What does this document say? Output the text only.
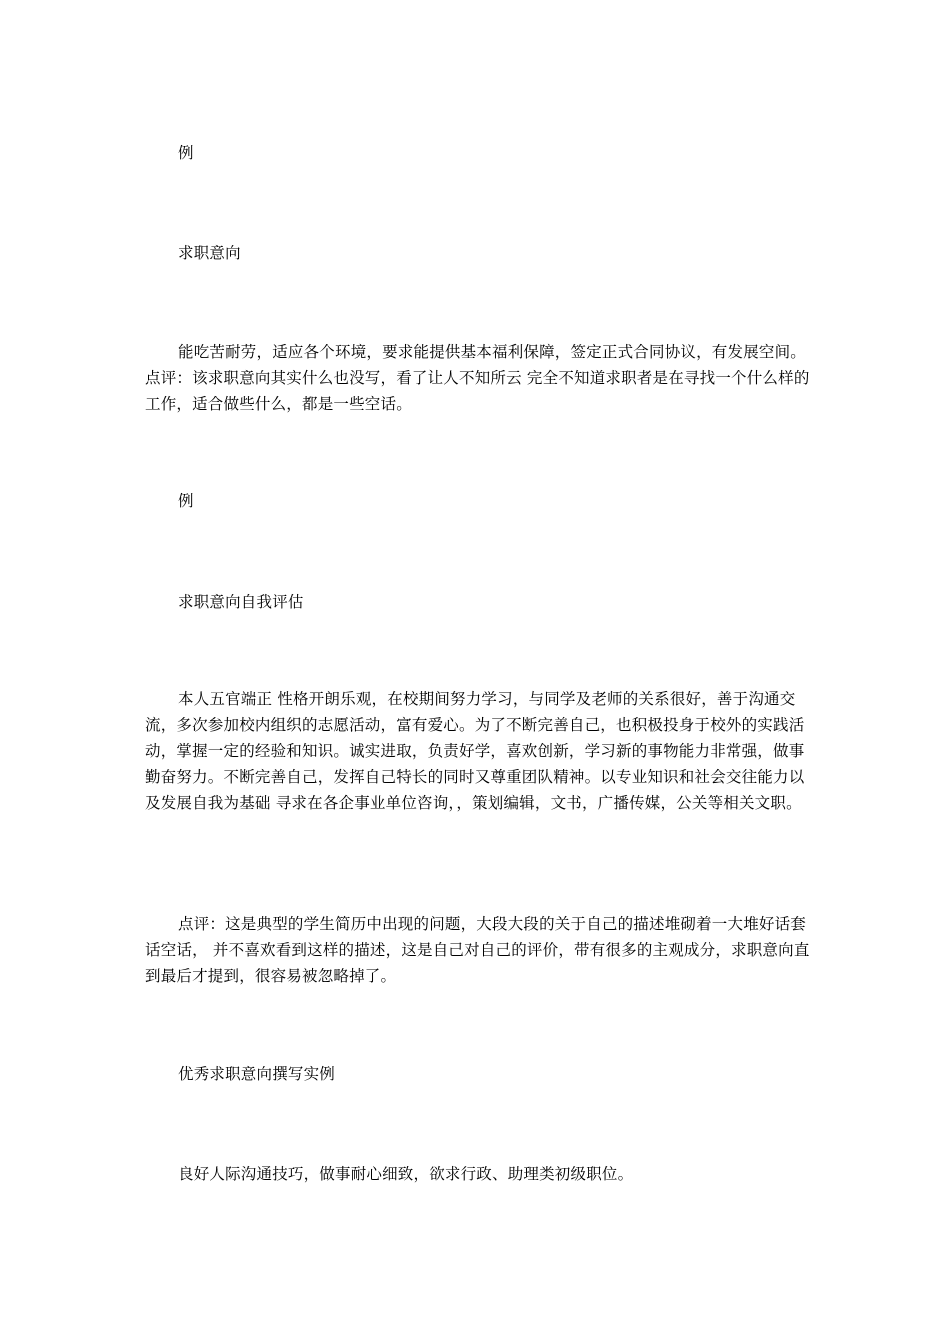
例

求职意向

能吃苦耐劳，适应各个环境，要求能提供基本福利保障，签定正式合同协议，有发展空间。 点评：该求职意向其实什么也没写，看了让人不知所云 完全不知道求职者是在寻找一个什么样的工作，适合做些什么，都是一些空话。

例

求职意向自我评估

本人五官端正 性格开朗乐观，在校期间努力学习，与同学及老师的关系很好，善于沟通交流，多次参加校内组织的志愿活动，富有爱心。为了不断完善自己，也积极投身于校外的实践活动，掌握一定的经验和知识。诚实进取，负责好学，喜欢创新，学习新的事物能力非常强，做事勤奋努力。不断完善自己，发挥自己特长的同时又尊重团队精神。以专业知识和社会交往能力以及发展自我为基础 寻求在各企事业单位咨询，，策划编辑，文书，广播传媒，公关等相关文职。

点评：这是典型的学生简历中出现的问题，大段大段的关于自己的描述堆砌着一大堆好话套话空话， 并不喜欢看到这样的描述，这是自己对自己的评价，带有很多的主观成分，求职意向直到最后才提到，很容易被忽略掉了。

优秀求职意向撰写实例

良好人际沟通技巧，做事耐心细致，欲求行政、助理类初级职位。
